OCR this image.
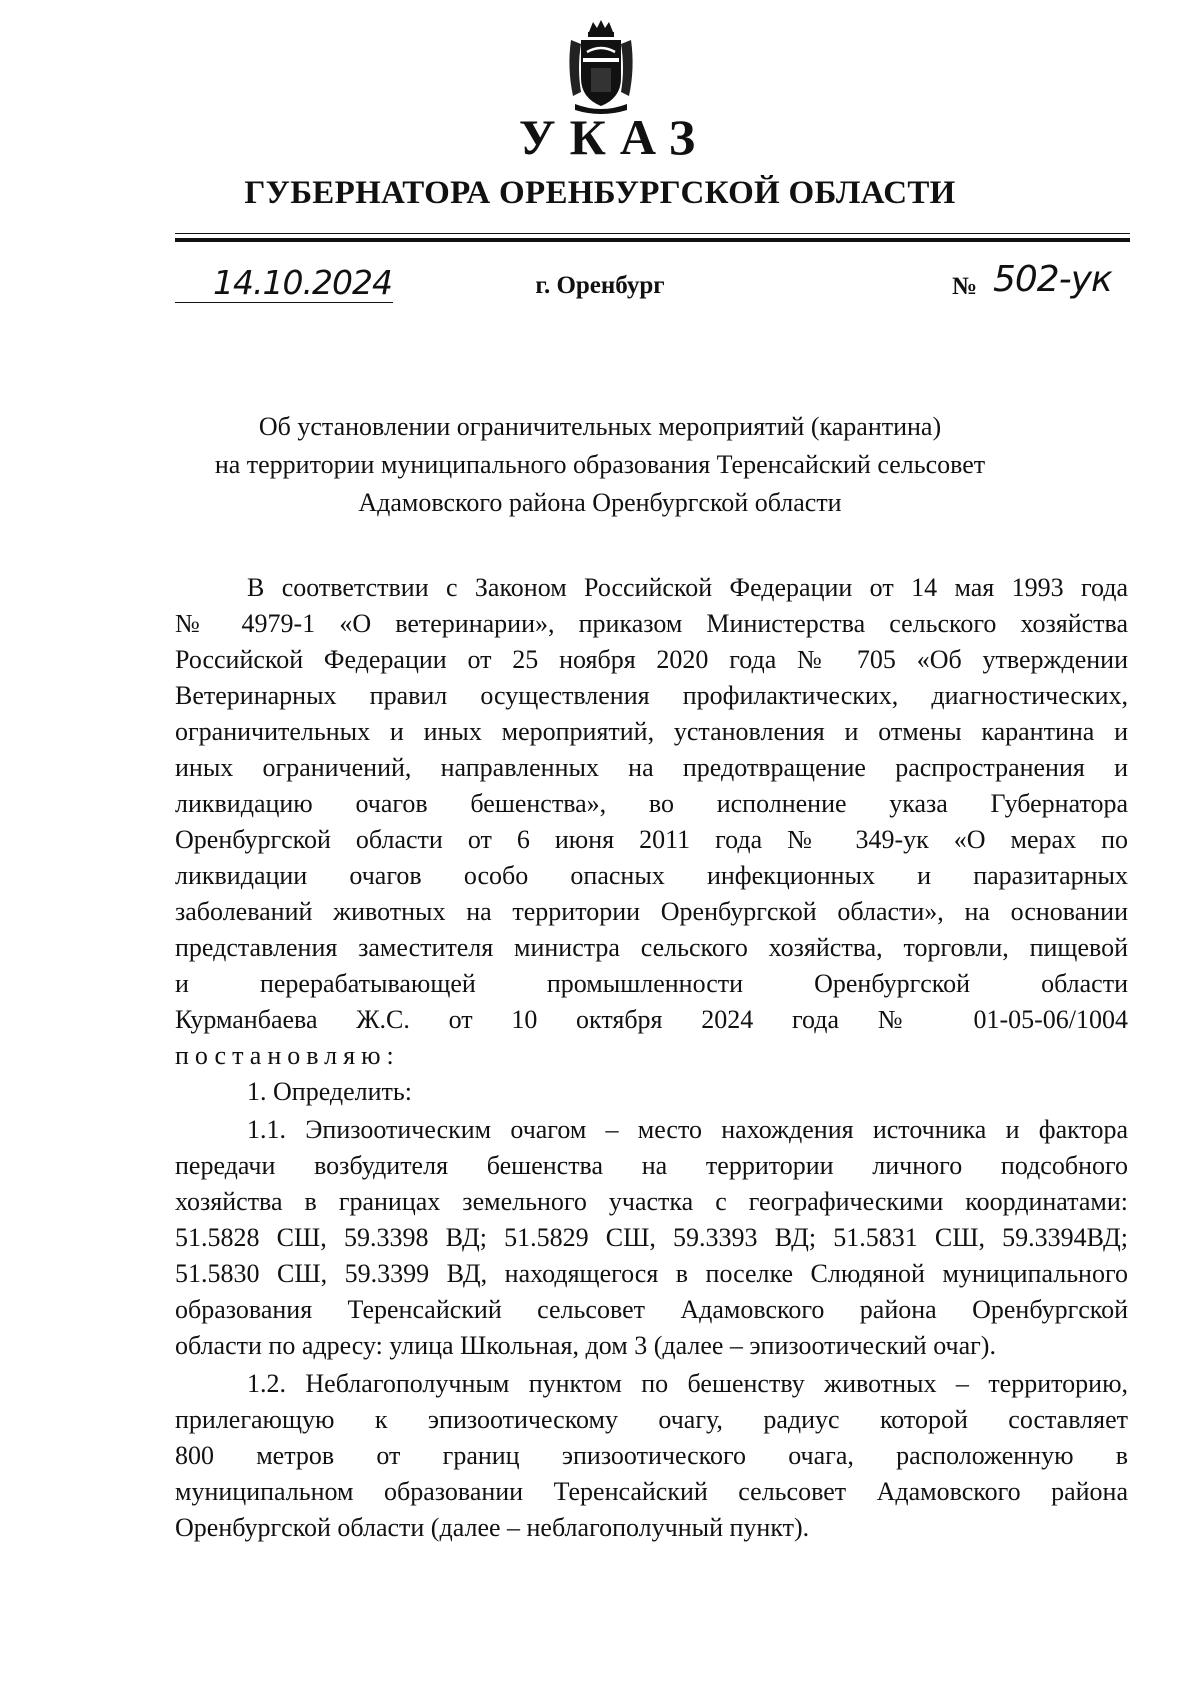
УКАЗ
ГУБЕРНАТОРА ОРЕНБУРГСКОЙ ОБЛАСТИ
14.10.2024	г. Оренбург	№ 502-ук
Об установлении ограничительных мероприятий (карантина)
на территории муниципального образования Теренсайский сельсовет
Адамовского района Оренбургской области
В соответствии с Законом Российской Федерации от 14 мая 1993 года
№ 4979-1 «О ветеринарии», приказом Министерства сельского хозяйства
Российской Федерации от 25 ноября 2020 года № 705 «Об утверждении
Ветеринарных правил осуществления профилактических, диагностических,
ограничительных и иных мероприятий, установления и отмены карантина и
иных ограничений, направленных на предотвращение распространения и
ликвидацию очагов бешенства», во исполнение указа Губернатора
Оренбургской области от 6 июня 2011 года № 349-ук «О мерах по
ликвидации очагов особо опасных инфекционных и паразитарных
заболеваний животных на территории Оренбургской области», на основании
представления заместителя министра сельского хозяйства, торговли, пищевой
и перерабатывающей промышленности Оренбургской области
Курманбаева Ж.С. от 10 октября 2024 года № 01-05-06/1004
постановляю:
1. Определить:
1.1. Эпизоотическим очагом – место нахождения источника и фактора
передачи возбудителя бешенства на территории личного подсобного
хозяйства в границах земельного участка с географическими координатами:
51.5828 СШ, 59.3398 ВД; 51.5829 СШ, 59.3393 ВД; 51.5831 СШ, 59.3394ВД;
51.5830 СШ, 59.3399 ВД, находящегося в поселке Слюдяной муниципального
образования Теренсайский сельсовет Адамовского района Оренбургской
области по адресу: улица Школьная, дом 3 (далее – эпизоотический очаг).
1.2. Неблагополучным пунктом по бешенству животных – территорию,
прилегающую к эпизоотическому очагу, радиус которой составляет
800 метров от границ эпизоотического очага, расположенную в
муниципальном образовании Теренсайский сельсовет Адамовского района
Оренбургской области (далее – неблагополучный пункт).
